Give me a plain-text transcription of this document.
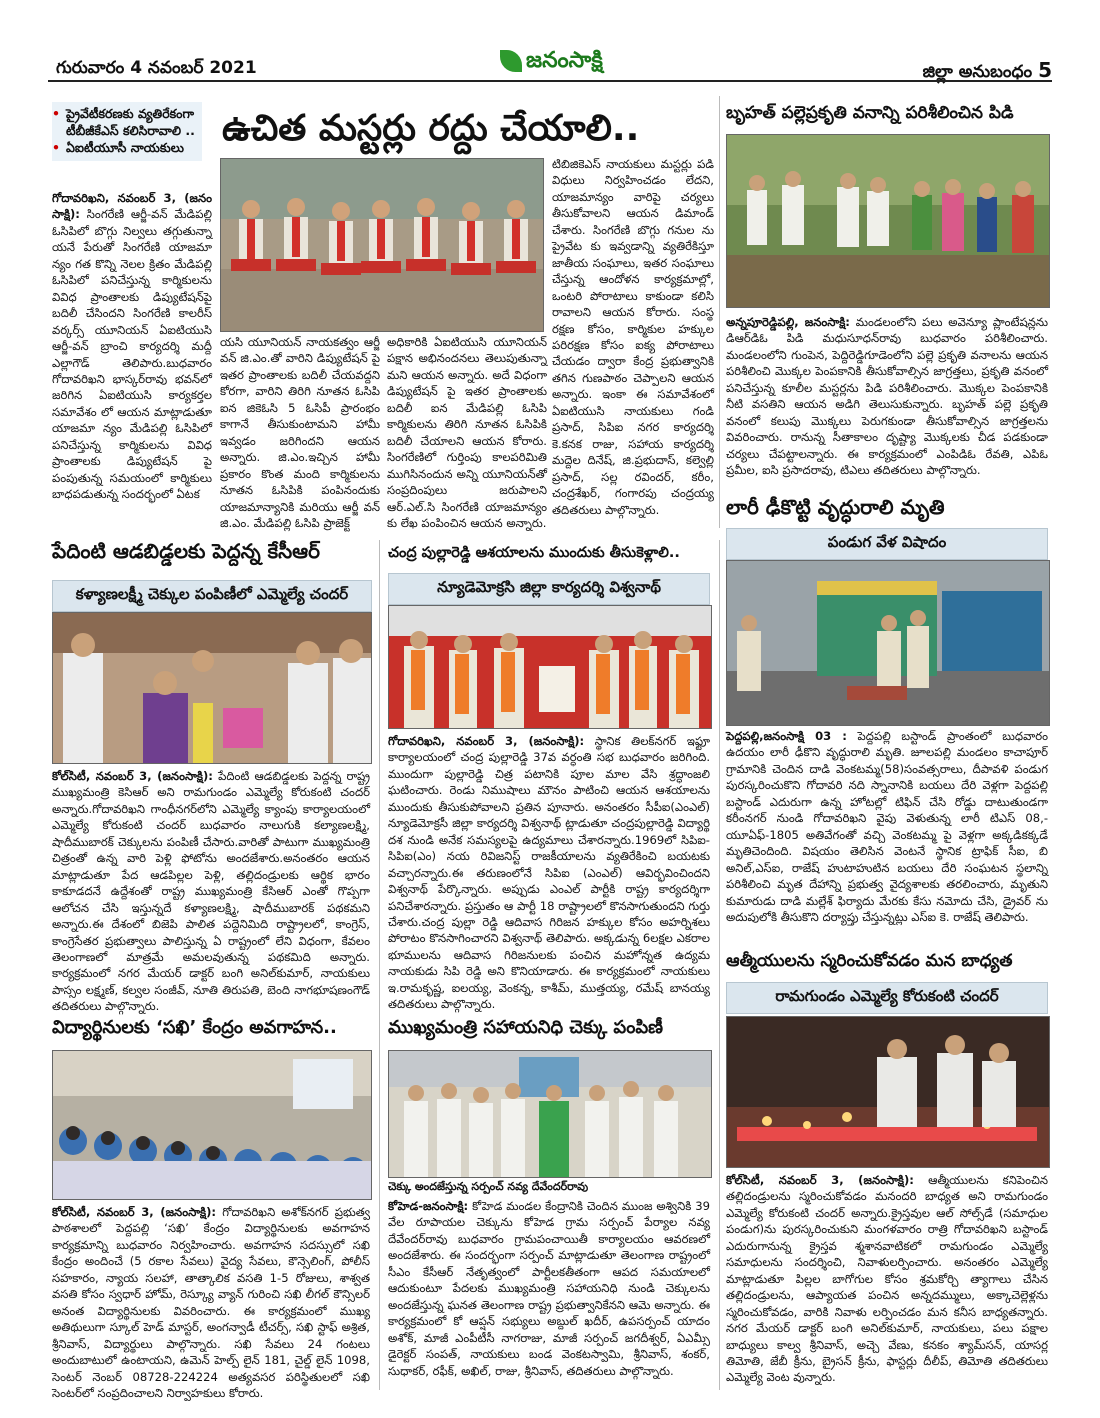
గురువారం 4 నవంబర్ 2021	జనంసాక్షి	జిల్లా అనుబంధం 5
• ప్రైవేటీకరణకు వ్యతిరేకంగా టీబీజీకేఎస్ కలిసిరావాలి ..
• ఏఐటీయూసీ నాయకులు	ఉచిత మస్టర్లు రద్దు చేయాలి..
గోదావరిఖని, నవంబర్ 3, (జనం సాక్షి): సింగరేణి ఆర్జీ-వన్ మేడిపల్లి ఓసిపిలో బొగ్గు నిల్వలు తగ్గుతున్నా యనే పేరుతో సింగరేణి యాజమా న్యం గత కొన్ని నెలల క్రితం మేడిపల్లి ఓసిపిలో పనిచేస్తున్న కార్మికులను వివిధ ప్రాంతాలకు డిప్యుటేషన్‌పై బదిలీ చేసిందని సింగరేణి కాలరీస్ వర్కర్స్ యూనియన్ ఏఐటియుసి ఆర్జీ-వన్ బ్రాంచి కార్యదర్శి మద్దీ ఎల్లాగౌడ్ తెలిపారు.బుధవారం గోదావరిఖని భాస్కర్‌రావు భవన్‌లో జరిగిన ఏఐటియుసి కార్యకర్తల సమావేశం లో ఆయన మాట్లాడుతూ యాజమా న్యం మేడిపల్లి ఓసిపిలో పనిచేస్తున్న కార్మికులను వివిధ ప్రాంతాలకు డిప్యుటేషన్ పై పంపుతున్న సమయంలో కార్మికులు బాధపడుతున్న సందర్భంలో ఏటక
యసి యూనియన్ నాయకత్వం ఆర్జీ వన్ జి.ఎం.తో వారిని డిప్యుటేషన్ పై ఇతర ప్రాంతాలకు బదిలీ చేయవద్దని కోరగా, వారిని తిరిగి నూతన ఓసిపి ఐన జికెఓసి 5 ఓసిపీ ప్రారంభం కాగానే తీసుకుంటామని హామీ ఇవ్వడం జరిగిందని ఆయన అన్నారు. జి.ఎం.ఇచ్చిన హామీ ప్రకారం కొంత మంది కార్మికులను నూతన ఓసిపికి పంపినందుకు యాజమాన్యానికి మరియు ఆర్జీ వన్ జి.ఎం. మేడిపల్లి ఓసిపి ప్రాజెక్ట్
అధికారికి ఏఐటియుసి యూనియన్ పక్షాన అభినందనలు తెలుపుతున్నా మని ఆయన అన్నారు. అదే విధంగా డిప్యుటేషన్ పై ఇతర ప్రాంతాలకు బదిలీ ఐన మేడిపల్లి ఓసిపి కార్మికులను తిరిగి నూతన ఓసిపికి బదిలీ చేయాలని ఆయన కోరారు. సింగరేణిలో గుర్తింపు కాలపరిమితి ముగిసినందున అన్ని యూనియన్‌తో సంప్రదింపులు జరుపాలని ఆర్.ఎల్.సి సింగరేణి యాజమాన్యం కు లేఖ పంపించిన ఆయన అన్నారు.
టిబిజికెఎస్ నాయకులు మస్టర్లు పడి విధులు నిర్వహించడం లేదని, యాజమాన్యం వారిపై చర్యలు తీసుకోవాలని ఆయన డిమాండ్ చేశారు. సింగరేణి బొగ్గు గనుల ను ప్రైవేట కు ఇవ్వడాన్ని వ్యతిరేకిస్తూ జాతీయ సంఘాలు, ఇతర సంఘాలు చేస్తున్న ఆందోళన కార్యక్రమాల్లో, ఒంటరి పోరాటాలు కాకుండా కలిసి రావాలని ఆయన కోరారు. సంస్థ రక్షణ కోసం, కార్మికుల హక్కుల పరిరక్షణ కోసం ఐక్య పోరాటాలు చేయడం ద్వారా కేంద్ర ప్రభుత్వానికి తగిన గుణపాఠం చెప్పాలని ఆయన అన్నారు. ఇంకా ఈ సమావేశంలో ఏఐటియుసి నాయకులు గండి ప్రసాద్, సిపిఐ నగర కార్యదర్శి కె.కనక రాజు, సహాయ కార్యదర్శి మద్దెల దినేష్, జి.ప్రభుదాస్, కల్వెల్లి ప్రసాద్, సల్ల రవిందర్, కరీం, చంద్రశేఖర్, గంగారపు చంద్రయ్య తదితరులు పాల్గొన్నారు.
బృహత్ పల్లెప్రకృతి వనాన్ని పరిశీలించిన పిడి
అన్నపూరెడ్డిపల్లి, జనంసాక్షి: మండలంలోని పలు అవెన్యూ ప్లాంటేషన్లను డిఆర్‌డిఓ పిడి మధుసూధన్‌రావు బుధవారం పరిశీలించారు. మండలంలోని గుంపెన, పెద్దిరెడ్డిగూడెంలోని పల్లె ప్రకృతి వనాలను ఆయన పరిశీలించి మొక్కల పెంపకానికి తీసుకోవాల్సిన జాగ్రత్తలు, ప్రకృతి వనంలో పనిచేస్తున్న కూలీల మస్టర్లను పిడి పరిశీలించారు. మొక్కల పెంపకానికి నీటి వసతిని ఆయన అడిగి తెలుసుకున్నారు. బృహత్ పల్లె ప్రకృతి వనంలో కలుపు మొక్కలు పెరుగకుండా తీసుకోవాల్సిన జాగ్రత్తలను వివరించారు. రానున్న సీతాకాలం దృష్ట్యా మొక్కలకు చీడ పడకుండా చర్యలు చేపట్టాలన్నారు. ఈ కార్యక్రమంలో ఎంపిడిఓ రేవతి, ఎపిఓ ప్రమీల, ఐసి ప్రసాదరావు, టిఎలు తదితరులు పాల్గొన్నారు.
పేదింటి ఆడబిడ్డలకు పెద్దన్న కేసీఆర్
కళ్యాణలక్ష్మీ చెక్కుల పంపిణీలో ఎమ్మెల్యే చందర్
కోల్‌సిటీ, నవంబర్ 3, (జనంసాక్షి): పేదింటి ఆడబిడ్డలకు పెద్దన్న రాష్ట్ర ముఖ్యమంత్రి కెసిఆర్ అని రామగుండం ఎమ్మెల్యే కోరుకంటి చందర్ అన్నారు.గోదావరిఖని గాంధీనగర్‌లోని ఎమ్మెల్యే క్యాంపు కార్యాలయంలో ఎమ్మెల్యే కోరుకంటి చందర్ బుధవారం నాలుగుకి కల్యాణలక్ష్మి, షాదీముబారక్ చెక్కులను పంపిణీ చేసారు.వారితో పాటుగా ముఖ్యమంత్రి చిత్రంతో ఉన్న వారి పెళ్లి ఫోటోను అందజేశారు.అనంతరం ఆయన మాట్లాడుతూ పేద ఆడపిల్లల పెళ్లి, తల్లిదండ్రులకు ఆర్థిక భారం కాకూడదనే ఉద్దేశంతో రాష్ట్ర ముఖ్యమంత్రి కేసిఆర్ ఎంతో గొప్పగా ఆలోచన చేసి ఇస్తున్నదే కళ్యాణలక్ష్మి, షాదీముబారక్ పథకమని అన్నారు.ఈ దేశంలో బిజెపి పాలిత పద్దెనిమిది రాష్ట్రాలలో, కాంగ్రెస్, కాంగ్రెసేతర ప్రభుత్వాలు పాలిస్తున్న ఏ రాష్ట్రంలో లేని విధంగా, కేవలం తెలంగాణలో మాత్రమే అమలవుతున్న పథకమిది అన్నారు. కార్యక్రమంలో నగర మేయర్ డాక్టర్ బంగి అనిల్‌కుమార్, నాయకులు పాస్సం లక్ష్మణ్, కల్వల సంజీవ్, నూతి తిరుపతి, బెంది నాగభూషణంగౌడ్ తదితరులు పాల్గొన్నారు.
చంద్ర పుల్లారెడ్డి ఆశయాలను ముందుకు తీసుకెళ్లాలి..
న్యూడెమోక్రసి జిల్లా కార్యదర్శి విశ్వనాథ్
గోదావరిఖని, నవంబర్ 3, (జనంసాక్షి): స్థానిక తిలక్‌నగర్ ఇఫ్టూ కార్యాలయంలో చంద్ర పుల్లారెడ్డి 37వ వర్ధంతి సభ బుధవారం జరిగింది. ముందుగా పుల్లారెడ్డి చిత్ర పటానికి పూల మాల వేసి శ్రద్ధాంజలి ఘటించారు. రెండు నిముషాలు మౌనం పాటించి ఆయన ఆశయాలను ముందుకు తీసుకుపోవాలని ప్రతిన పూనారు. అనంతరం సీపీఐ(ఎంఎల్) న్యూడెమోక్రసీ జిల్లా కార్యదర్శి విశ్వనాథ్ ట్లాడుతూ చంద్రపుల్లారెడ్డి విద్యార్థి దశ నుండి అనేక సమస్యలపై ఉద్యమాలు చేశారన్నారు.1969లో సిపిఐ-సిపిఐ(ఎం) నయ రివిజనిస్ట్ రాజకీయాలను వ్యతిరేకించి బయటకు వచ్చారన్నారు.ఈ తరుణంలోనే సిపిఐ (ఎంఎల్) ఆవిర్భవించిందని విశ్వనాథ్ పేర్కొన్నారు. అప్పుడు ఎంఎల్ పార్టీకి రాష్ట్ర కార్యదర్శిగా పనిచేశారన్నారు. ప్రస్తుతం ఆ పార్టీ 18 రాష్ట్రాలలో కొనసాగుతుందని గుర్తు చేశారు.చంద్ర పుల్లా రెడ్డి ఆదివాస గిరిజన హక్కుల కోసం అహర్నిశలు పోరాటం కొనసాగించారని విశ్వనాథ్ తెలిపారు. అక్కడున్న 6లక్షల ఎకరాల భూములను ఆదివాస గిరిజనులకు పంచిన మహోన్నత ఉద్యమ నాయకుడు సిపి రెడ్డి అని కొనియాడారు. ఈ కార్యక్రమంలో నాయకులు ఇ.రామకృష్ణ, ఐలయ్య, వెంకన్న, కాశీమ్, ముత్తయ్య, రమేష్ బానయ్య తదితరులు పాల్గొన్నారు.
లారీ ఢీకొట్టి వృద్ధురాలి మృతి
పండుగ వేళ విషాదం
పెద్దపల్లి,జనంసాక్షి 03 : పెద్దపల్లి బస్టాండ్ ప్రాంతంలో బుధవారం ఉదయం లారీ ఢీకొని వృద్ధురాలి మృతి. జూలపల్లి మండలం కాచాపూర్ గ్రామానికి చెందిన దాడి వెంకటమ్మ(58)సంవత్సరాలు, దీపావళి పండుగ పురస్కరించుకొని గోదావరి నది స్నానానికి బయలు దేరి వెళ్లగా పెద్దపల్లి బస్టాండ్ ఎదురుగా ఉన్న హోటల్లో టిఫిన్ చేసి రోడ్డు దాటుతుండగా కరీంనగర్ నుండి గోదావరిఖని వైపు వెళుతున్న లారీ టిఎస్ 08,-యూఏఫ్-1805 అతివేగంతో వచ్చి వెంకటమ్మ పై వెళ్లగా అక్కడికక్కడే మృతిచెందింది. విషయం తెలిసిన వెంటనే స్థానిక ట్రాఫిక్ సీఐ, బి అనిల్,ఎస్ఐ, రాజేష్ హుటాహుటిన బయలు దేరి సంఘటన స్థలాన్ని పరిశీలించి మృత దేహాన్ని ప్రభుత్వ వైద్యశాలకు తరలించారు, మృతుని కుమారుడు దాడి మల్లేశ్ ఫిర్యాదు మేరకు కేసు నమోదు చేసి, డ్రైవర్ ను అదుపులోకి తీసుకొని దర్యాప్తు చేస్తున్నట్లు ఎస్ఐ కె. రాజేష్ తెలిపారు.
విద్యార్థినులకు ‘సఖి’ కేంద్రం అవగాహన..
కోల్‌సిటీ, నవంబర్ 3, (జనంసాక్షి): గోదావరిఖని అశోక్‌నగర్ ప్రభుత్వ పాఠశాలలో పెద్దపల్లి ‘సఖి’ కేంద్రం విద్యార్థినులకు అవగాహన కార్యక్రమాన్ని బుధవారం నిర్వహించారు. అవగాహన సదస్సులో సఖి కేంద్రం అందించే (5 రకాల సేవలు) వైద్య సేవలు, కౌన్సెలింగ్, పోలీస్ సహకారం, న్యాయ సలహా, తాత్కాలిక వసతి 1-5 రోజులు, శాశ్వత వసతి కోసం స్వధార్ హోమ్, రెస్క్యూ వ్యాన్ గురించి సఖి లీగల్ కౌన్సిలర్ అనంత విద్యార్థినులకు వివరించారు. ఈ కార్యక్రమంలో ముఖ్య అతిథులుగా స్కూల్ హెడ్ మాస్టర్, అంగన్వాడీ టీచర్స్, సఖి స్టాఫ్ అశ్రిత, శ్రీనివాస్, విద్యార్థులు పాల్గొన్నారు. సఖి సేవలు 24 గంటలు అందుబాటులో ఉంటాయని, ఉమెన్ హెల్ప్ లైన్ 181, చైల్డ్ లైన్ 1098, సెంటర్ నెంబర్ 08728-224224 అత్యవసర పరిస్థితులలో సఖి సెంటర్‌లో సంప్రదించాలని నిర్వాహకులు కోరారు.
ముఖ్యమంత్రి సహాయనిధి చెక్కు పంపిణీ
చెక్కు అందజేస్తున్న సర్పంచ్ నవ్య దేవేందర్‌రావు
కోహెడ-జనంసాక్షి: కోహెడ మండల కేంద్రానికి చెందిన ముంజ అశ్వినికి 39 వేల రూపాయల చెక్కును కోహెడ గ్రామ సర్పంచ్ పేర్యాల నవ్య దేవేందర్‌రావు బుధవారం గ్రామపంచాయితీ కార్యాలయం ఆవరణలో అందజేశారు. ఈ సందర్భంగా సర్పంచ్ మాట్లాడుతూ తెలంగాణ రాష్ట్రంలో సీఎం కేసీఆర్ నేతృత్వంలో పార్టీలకతీతంగా ఆపద సమయాలలో ఆదుకుంటూ పేదలకు ముఖ్యమంత్రి సహాయనిధి నుండి చెక్కులను అందజేస్తున్న ఘనత తెలంగాణ రాష్ట్ర ప్రభుత్వానికేనని ఆమె అన్నారు. ఈ కార్యక్రమంలో కో ఆప్షన్ సభ్యులు అబ్దుల్ ఖదీర్, ఉపసర్పంచ్ యాదం అశోక్, మాజీ ఎంపీటీసీ నాగరాజు, మాజీ సర్పంచ్ జగదీశ్వర్, ఏఎమ్సీ డైరెక్టర్ సంపత్, నాయకులు బండ వెంకటస్వామి, శ్రీనివాస్, శంకర్, సుధాకర్, రఫీక్, అఖిల్, రాజు, శ్రీనివాస్, తదితరులు పాల్గొన్నారు.
ఆత్మీయులను స్మరించుకోవడం మన బాధ్యత
రామగుండం ఎమ్మెల్యే కోరుకంటి చందర్
కోల్‌సిటీ, నవంబర్ 3, (జనంసాక్షి): ఆత్మీయులను కనిపెంచిన తల్లిదండ్రులను స్మరించుకోవడం మనందరి బాధ్యత అని రామగుండం ఎమ్మెల్యే కోరుకంటి చందర్ అన్నారు.క్రైస్తవుల ఆల్ సోల్స్‌డే (సమాధుల పండుగ)ను పురస్కరించుకుని మంగళవారం రాత్రి గోదావరిఖని బస్టాండ్ ఎదురుగానున్న క్రైస్తవ శ్మశానవాటికలో రామగుండం ఎమ్మెల్యే సమాధులను సందర్శించి, నివాళులర్పించారు. అనంతరం ఎమ్మెల్యే మాట్లాడుతూ పిల్లల బాగోగుల కోసం శ్రమకోర్చి త్యాగాలు చేసిన తల్లిదండ్రులను, ఆప్యాయత పంచిన అన్నదమ్ములు, అక్కాచెల్లెళ్లను స్మరించుకోవడం, వారికి నివాళు లర్పించడం మన కనీస బాధ్యతన్నారు. నగర మేయర్ డాక్టర్ బంగి అనిల్‌కుమార్, నాయకులు, పలు పక్షాల బాధ్యులు కాల్వ శ్రీనివాస్, అచ్చె వేణు, కనకం శ్యామ్‌సన్, యాసర్ల తిమోతి, జేబీ క్రీను, బ్రైసన్ క్రీను, ఫాస్టర్లు దీలీప్, తిమోతి తదితరులు ఎమ్మెల్యే వెంట వున్నారు.
